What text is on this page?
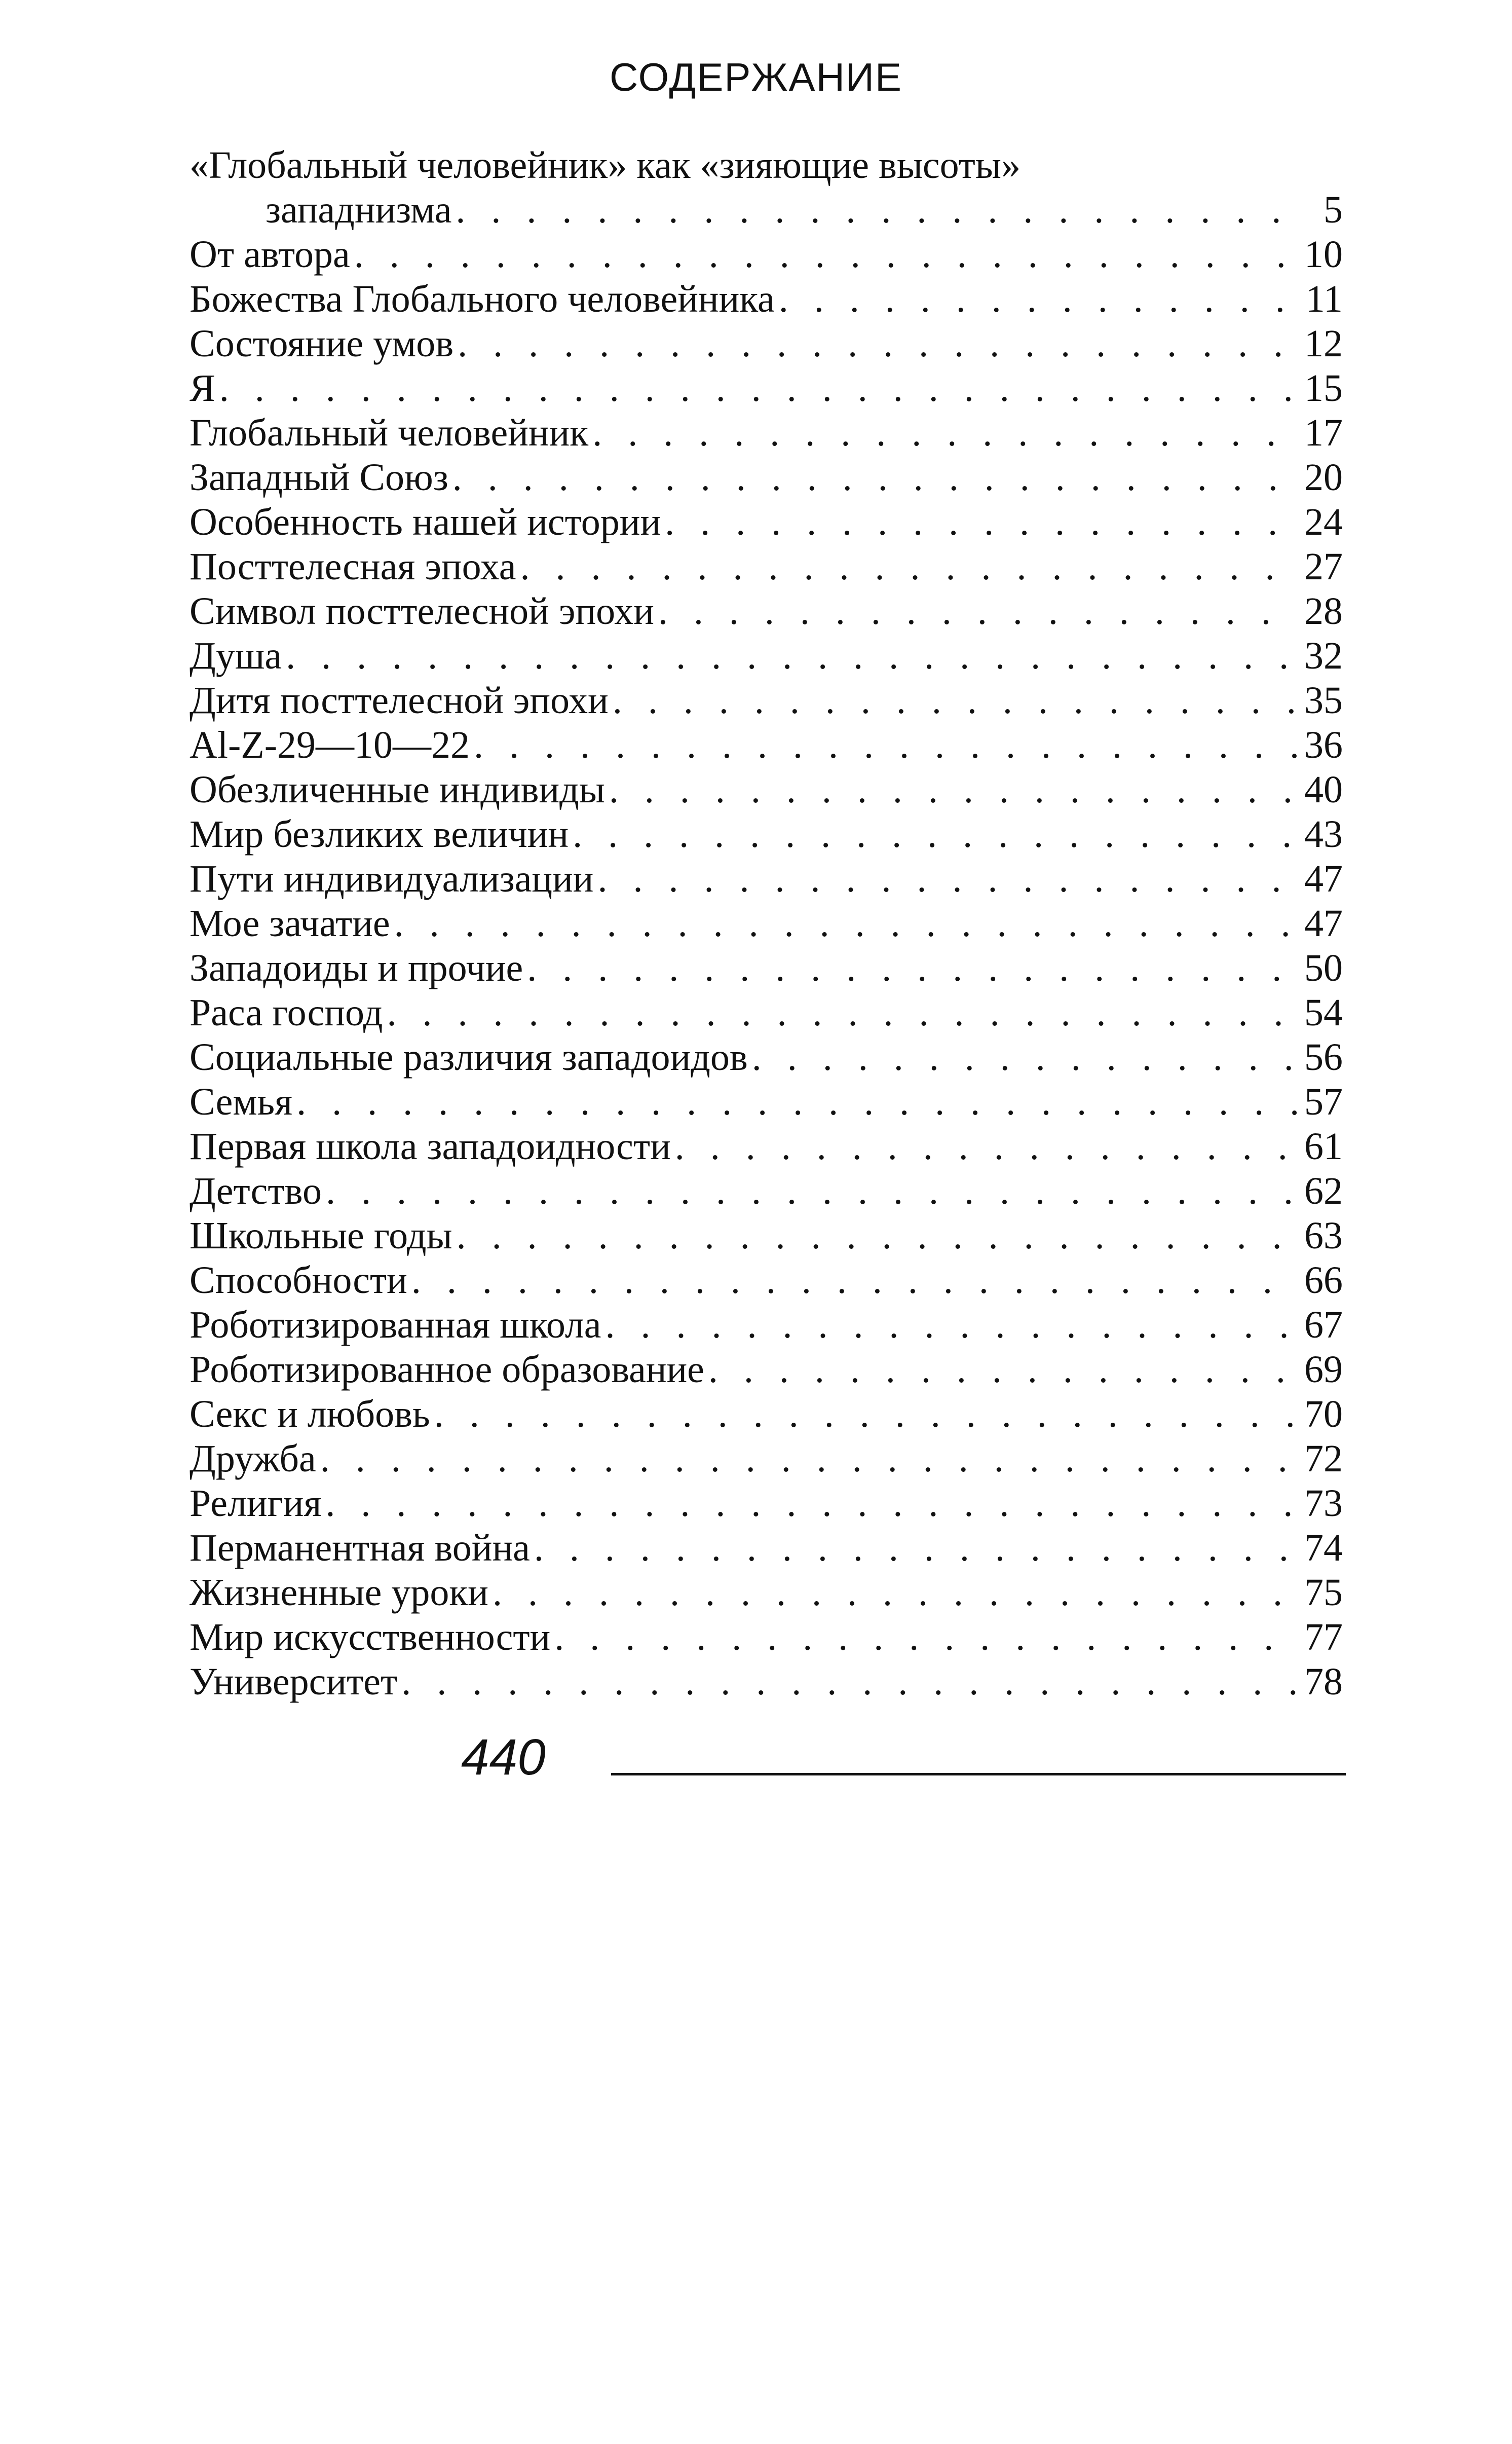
СОДЕРЖАНИЕ
«Глобальный человейник» как «зияющие высоты»
западнизма . . .	5
От автора . . .	10
Божества Глобального человейника . . .	11
Состояние умов . . .	12
Я . . .	15
Глобальный человейник . . .	17
Западный Союз . . .	20
Особенность нашей истории . . .	24
Посттелесная эпоха . . .	27
Символ посттелесной эпохи . . .	28
Душа . . .	32
Дитя посттелесной эпохи . . .	35
Al-Z-29—10—22 . . .	36
Обезличенные индивиды . . .	40
Мир безликих величин . . .	43
Пути индивидуализации . . .	47
Мое зачатие . . .	47
Западоиды и прочие . . .	50
Раса господ . . .	54
Социальные различия западоидов . . .	56
Семья . . .	57
Первая школа западоидности . . .	61
Детство . . .	62
Школьные годы . . .	63
Способности . . .	66
Роботизированная школа . . .	67
Роботизированное образование . . .	69
Секс и любовь . . .	70
Дружба . . .	72
Религия . . .	73
Перманентная война . . .	74
Жизненные уроки . . .	75
Мир искусственности . . .	77
Университет . . .	78
440
